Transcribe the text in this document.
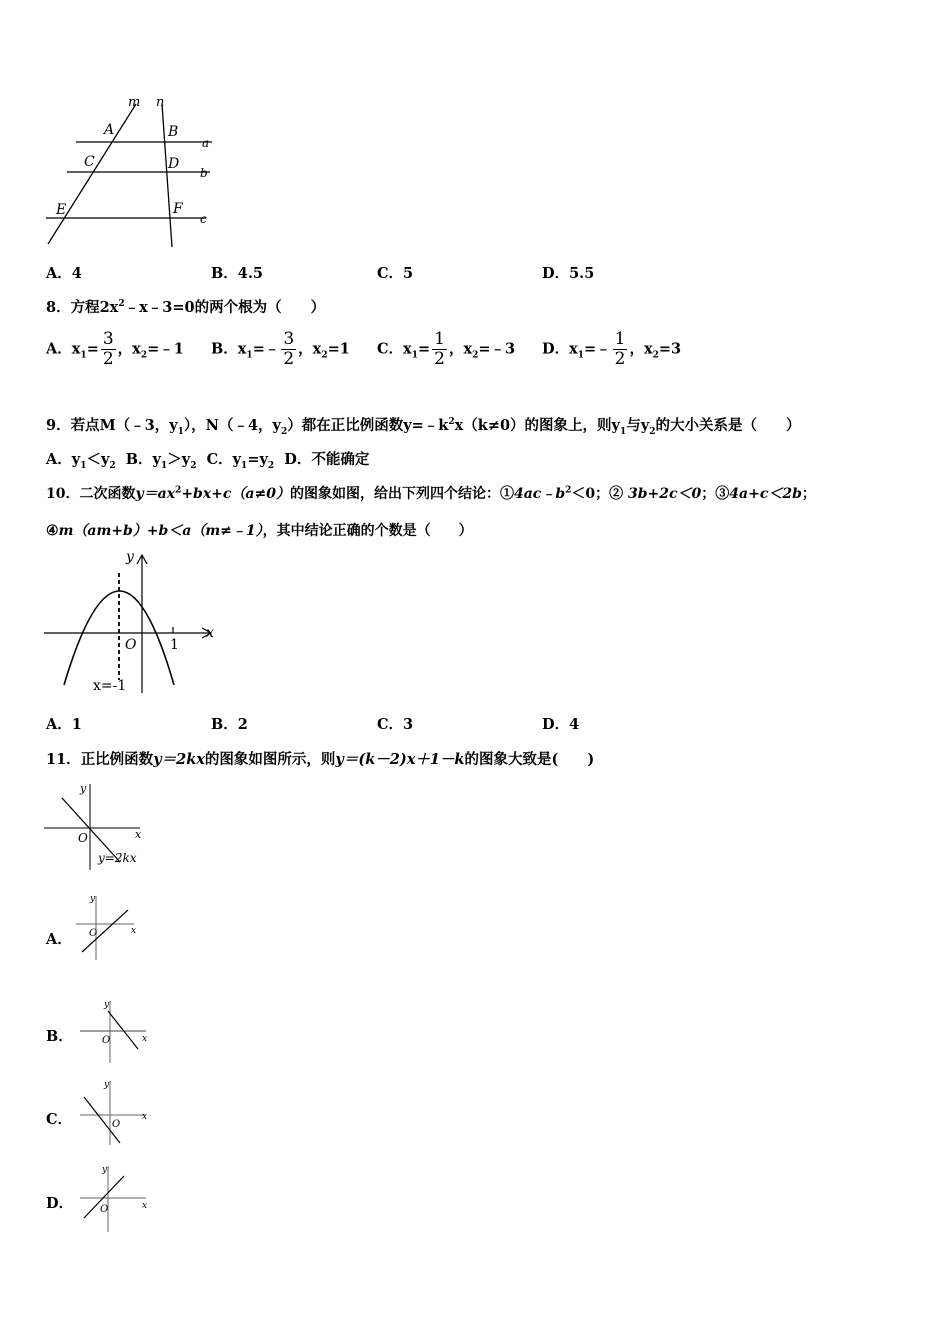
m n
A	B
C	D
E	F
a
b
c
A．4	B．4.5	C．5	D．5.5
8．方程$2x^2﹣x﹣3=0$的两个根为（　　）
A．$x_1= \frac{3}{2}$ ，$x_2=﹣1$ B．$x_1=﹣ \frac{3}{2}$ ，$x_2=1$ C．$x_1= \frac{1}{2}$ ，$x_2=﹣3$ D．$x_1=﹣ \frac{1}{2}$ ，$x_2=3$
9．若点M（﹣3，$y_1$），N（﹣4，$y_2$）都在正比例函数$y=﹣k^2x(k\ne 0)$的图象上，则$y_1$与$y_2$的大小关系是（　　）
A．$y_1<y_2$ B．$y_1>y_2$ C．$y_1=y_2$ D．不能确定
10．二次函数$y=ax^2+bx+c(a\ne 0)$的图象如图，给出下列四个结论：$①4ac﹣b^2<0$；② 3b+2c＜0；③4a+c＜2b；
④m（am+b）+b＜a（m≠﹣1），其中结论正确的个数是（　　）
y
x
O 1
x=-1
A．1	B．2	C．3	D．4
11．正比例函数y＝2kx的图象如图所示，则y＝(k－2)x＋1－k的图象大致是(　　)
y
x
O
y=2kx
A．
y
x
O
B．
y
x
O
C．
y
x
O
D．
y
x
O
